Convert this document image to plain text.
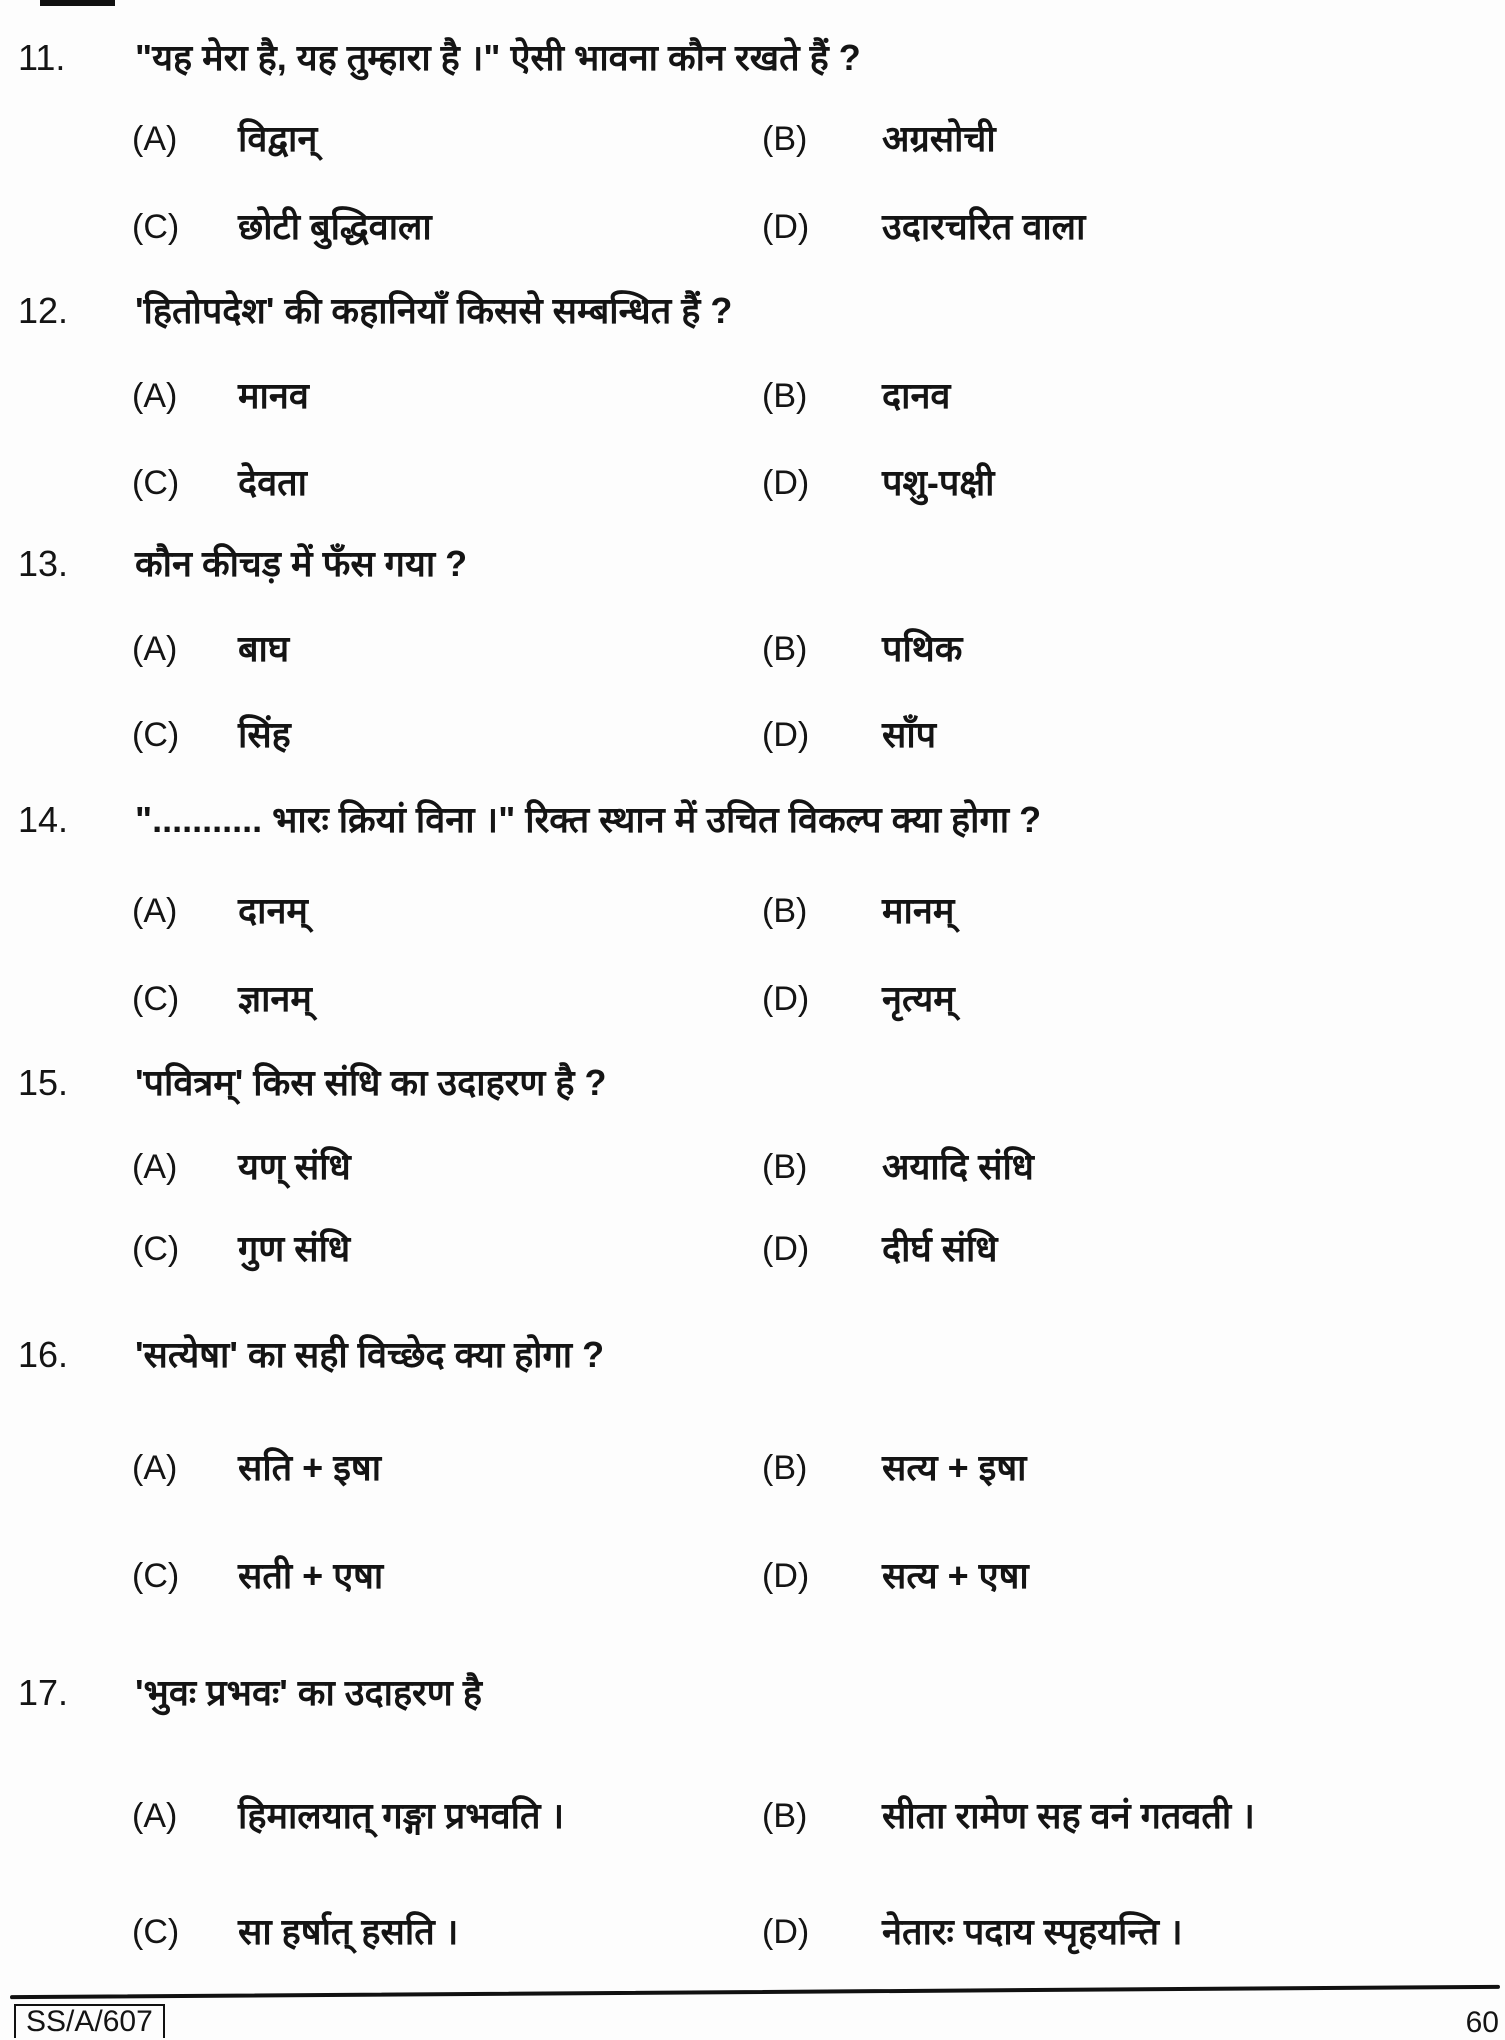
11. "यह मेरा है, यह तुम्हारा है ।" ऐसी भावना कौन रखते हैं ?
(A) विद्वान्	(B) अग्रसोची
(C) छोटी बुद्धिवाला	(D) उदारचरित वाला
12. 'हितोपदेश' की कहानियाँ किससे सम्बन्धित हैं ?
(A) मानव	(B) दानव
(C) देवता	(D) पशु-पक्षी
13. कौन कीचड़ में फँस गया ?
(A) बाघ	(B) पथिक
(C) सिंह	(D) साँप
14. "........... भारः क्रियां विना ।" रिक्त स्थान में उचित विकल्प क्या होगा ?
(A) दानम्	(B) मानम्
(C) ज्ञानम्	(D) नृत्यम्
15. 'पवित्रम्' किस संधि का उदाहरण है ?
(A) यण् संधि	(B) अयादि संधि
(C) गुण संधि	(D) दीर्घ संधि
16. 'सत्येषा' का सही विच्छेद क्या होगा ?
(A) सति + इषा	(B) सत्य + इषा
(C) सती + एषा	(D) सत्य + एषा
17. 'भुवः प्रभवः' का उदाहरण है
(A) हिमालयात् गङ्गा प्रभवति ।	(B) सीता रामेण सह वनं गतवती ।
(C) सा हर्षात् हसति ।	(D) नेतारः पदाय स्पृहयन्ति ।
SS/A/607	60
